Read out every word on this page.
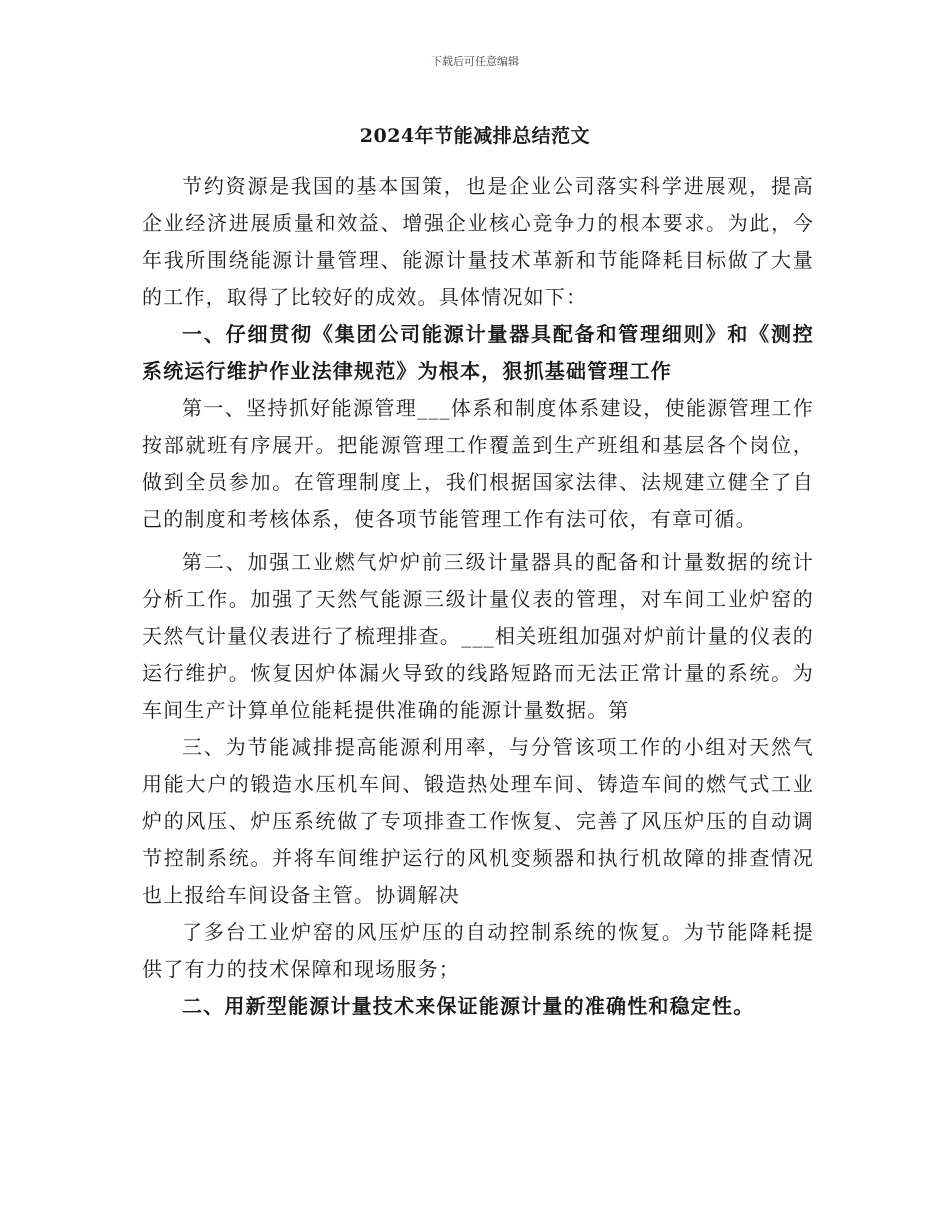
下载后可任意编辑
2024年节能减排总结范文

节约资源是我国的基本国策，也是企业公司落实科学进展观，提高企业经济进展质量和效益、增强企业核心竞争力的根本要求。为此，今年我所围绕能源计量管理、能源计量技术革新和节能降耗目标做了大量的工作，取得了比较好的成效。具体情况如下：

一、仔细贯彻《集团公司能源计量器具配备和管理细则》和《测控系统运行维护作业法律规范》为根本，狠抓基础管理工作

第一、坚持抓好能源管理___体系和制度体系建设，使能源管理工作按部就班有序展开。把能源管理工作覆盖到生产班组和基层各个岗位，做到全员参加。在管理制度上，我们根据国家法律、法规建立健全了自己的制度和考核体系，使各项节能管理工作有法可依，有章可循。

第二、加强工业燃气炉炉前三级计量器具的配备和计量数据的统计分析工作。加强了天然气能源三级计量仪表的管理，对车间工业炉窑的天然气计量仪表进行了梳理排查。___相关班组加强对炉前计量的仪表的运行维护。恢复因炉体漏火导致的线路短路而无法正常计量的系统。为车间生产计算单位能耗提供准确的能源计量数据。第

三、为节能减排提高能源利用率，与分管该项工作的小组对天然气用能大户的锻造水压机车间、锻造热处理车间、铸造车间的燃气式工业炉的风压、炉压系统做了专项排查工作恢复、完善了风压炉压的自动调节控制系统。并将车间维护运行的风机变频器和执行机故障的排查情况也上报给车间设备主管。协调解决

了多台工业炉窑的风压炉压的自动控制系统的恢复。为节能降耗提供了有力的技术保障和现场服务；

二、用新型能源计量技术来保证能源计量的准确性和稳定性。
